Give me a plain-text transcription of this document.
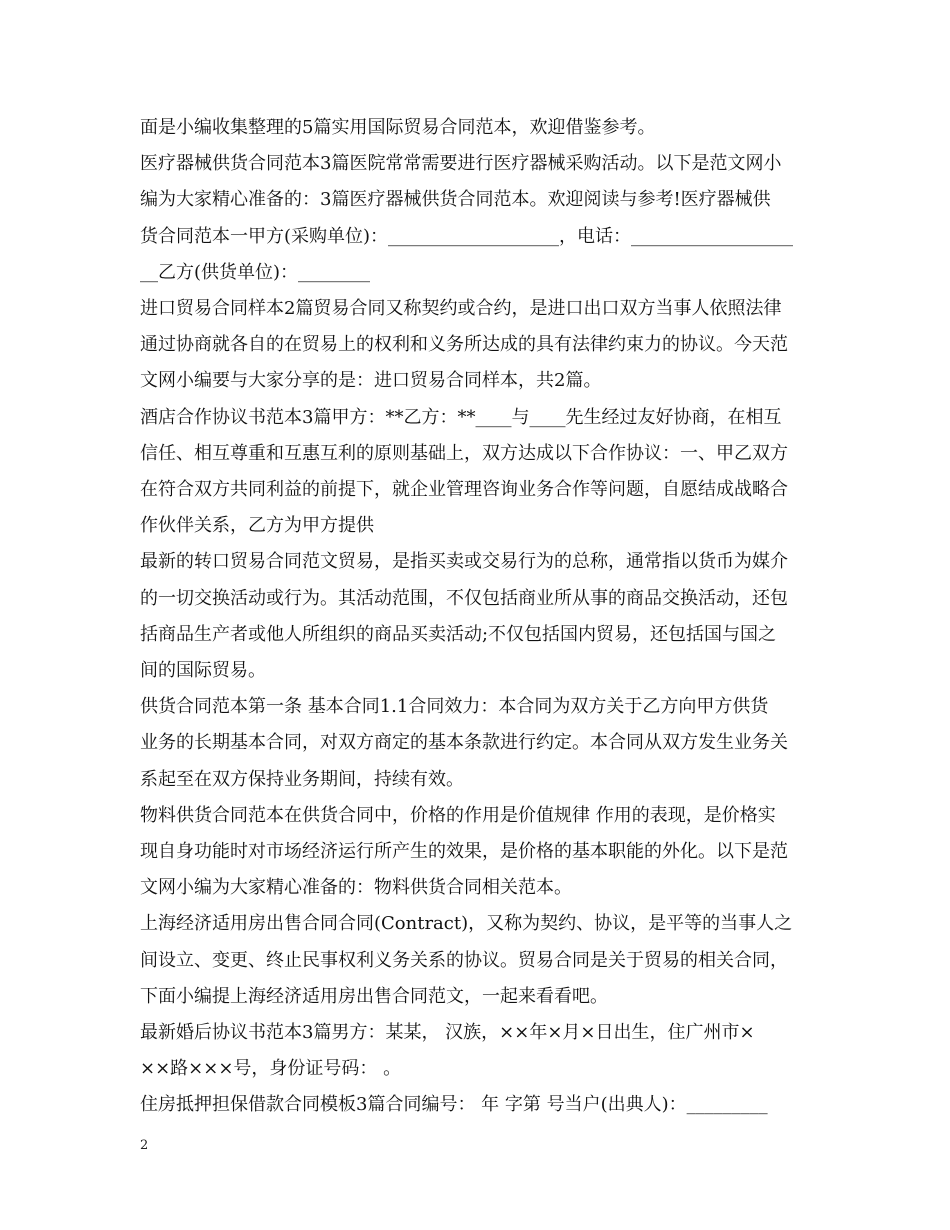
面是小编收集整理的5篇实用国际贸易合同范本，欢迎借鉴参考。
医疗器械供货合同范本3篇医院常常需要进行医疗器械采购活动。以下是范文网小
编为大家精心准备的：3篇医疗器械供货合同范本。欢迎阅读与参考!医疗器械供
货合同范本一甲方(采购单位)：___________________，电话：__________________
__乙方(供货单位)：________
进口贸易合同样本2篇贸易合同又称契约或合约，是进口出口双方当事人依照法律
通过协商就各自的在贸易上的权利和义务所达成的具有法律约束力的协议。今天范
文网小编要与大家分享的是：进口贸易合同样本，共2篇。
酒店合作协议书范本3篇甲方：**乙方：**____与____先生经过友好协商，在相互
信任、相互尊重和互惠互利的原则基础上，双方达成以下合作协议：一、甲乙双方
在符合双方共同利益的前提下，就企业管理咨询业务合作等问题，自愿结成战略合
作伙伴关系，乙方为甲方提供
最新的转口贸易合同范文贸易，是指买卖或交易行为的总称，通常指以货币为媒介
的一切交换活动或行为。其活动范围，不仅包括商业所从事的商品交换活动，还包
括商品生产者或他人所组织的商品买卖活动;不仅包括国内贸易，还包括国与国之
间的国际贸易。
供货合同范本第一条 基本合同1.1合同效力：本合同为双方关于乙方向甲方供货
业务的长期基本合同，对双方商定的基本条款进行约定。本合同从双方发生业务关
系起至在双方保持业务期间，持续有效。
物料供货合同范本在供货合同中，价格的作用是价值规律 作用的表现，是价格实
现自身功能时对市场经济运行所产生的效果，是价格的基本职能的外化。以下是范
文网小编为大家精心准备的：物料供货合同相关范本。
上海经济适用房出售合同合同(Contract)，又称为契约、协议，是平等的当事人之
间设立、变更、终止民事权利义务关系的协议。贸易合同是关于贸易的相关合同，
下面小编提上海经济适用房出售合同范文，一起来看看吧。
最新婚后协议书范本3篇男方：某某， 汉族，××年×月×日出生，住广州市×
××路×××号，身份证号码： 。
住房抵押担保借款合同模板3篇合同编号： 年 字第 号当户(出典人)：_________
2
